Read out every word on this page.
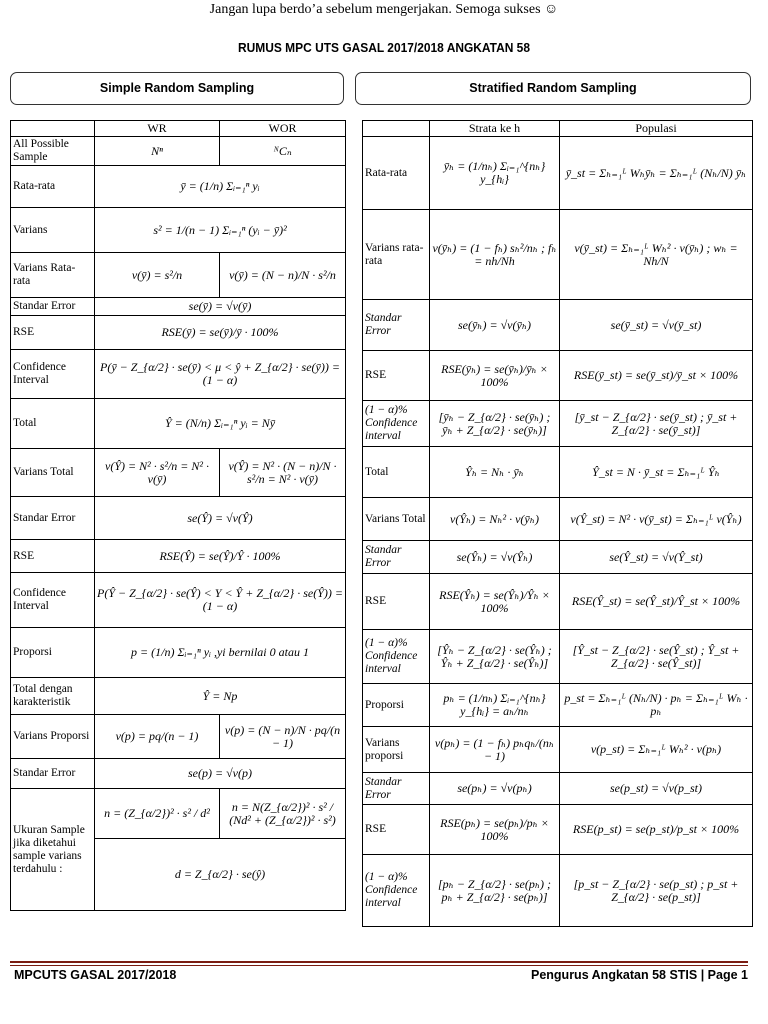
Jangan lupa berdo’a sebelum mengerjakan. Semoga sukses ☺
RUMUS MPC UTS GASAL 2017/2018 ANGKATAN 58
Simple Random Sampling	Stratified Random Sampling
	WR	WOR
All Possible Sample	Nⁿ	ᴺCₙ
Rata-rata	ȳ = (1/n) Σᵢ₌₁ⁿ yᵢ	
Varians	s² = 1/(n − 1) Σᵢ₌₁ⁿ (yᵢ − ȳ)²	
Varians Rata-rata	v(ȳ) = s²/n	v(ȳ) = (N − n)/N · s²/n
Standar Error	se(ȳ) = √v(ȳ)	
RSE	RSE(ȳ) = se(ȳ)/ȳ · 100%	
Confidence Interval	P(ȳ − Z_{α/2} · se(ȳ) < μ < ŷ + Z_{α/2} · se(ȳ)) = (1 − α)	
Total	Ŷ = (N/n) Σᵢ₌₁ⁿ yᵢ = Nȳ	
Varians Total	v(Ŷ) = N² · s²/n = N² · v(ȳ)	v(Ŷ) = N² · (N − n)/N · s²/n = N² · v(ȳ)
Standar Error	se(Ŷ) = √v(Ŷ)	
RSE	RSE(Ŷ) = se(Ŷ)/Ŷ · 100%	
Confidence Interval	P(Ŷ − Z_{α/2} · se(Ŷ) < Y < Ŷ + Z_{α/2} · se(Ŷ)) = (1 − α)	
Proporsi	p = (1/n) Σᵢ₌₁ⁿ yᵢ ,yi bernilai 0 atau 1	
Total dengan karakteristik	Ŷ = Np	
Varians Proporsi	v(p) = pq/(n − 1)	v(p) = (N − n)/N · pq/(n − 1)
Standar Error	se(p) = √v(p)	
Ukuran Sample jika diketahui sample varians terdahulu :	n = (Z_{α/2})² · s² / d²	n = N(Z_{α/2})² · s² / (Nd² + (Z_{α/2})² · s²)
	d = Z_{α/2} · se(ŷ)	
	Strata ke h	Populasi
Rata-rata	ȳₕ = (1/nₕ) Σᵢ₌₁^{nₕ} y_{hᵢ}	ȳ_st = Σₕ₌₁ᴸ Wₕȳₕ = Σₕ₌₁ᴸ (Nₕ/N) ȳₕ
Varians rata-rata	v(ȳₕ) = (1 − fₕ) sₕ²/nₕ ; fₕ = nh/Nh	v(ȳ_st) = Σₕ₌₁ᴸ Wₕ² · v(ȳₕ) ; wₕ = Nh/N
Standar Error	se(ȳₕ) = √v(ȳₕ)	se(ȳ_st) = √v(ȳ_st)
RSE	RSE(ȳₕ) = se(ȳₕ)/ȳₕ × 100%	RSE(ȳ_st) = se(ȳ_st)/ȳ_st × 100%
(1 − α)% Confidence interval	[ȳₕ − Z_{α/2} · se(ȳₕ) ; ȳₕ + Z_{α/2} · se(ȳₕ)]	[ȳ_st − Z_{α/2} · se(ȳ_st) ; ȳ_st + Z_{α/2} · se(ȳ_st)]
Total	Ŷₕ = Nₕ · ȳₕ	Ŷ_st = N · ȳ_st = Σₕ₌₁ᴸ Ŷₕ
Varians Total	v(Ŷₕ) = Nₕ² · v(ȳₕ)	v(Ŷ_st) = N² · v(ȳ_st) = Σₕ₌₁ᴸ v(Ŷₕ)
Standar Error	se(Ŷₕ) = √v(Ŷₕ)	se(Ŷ_st) = √v(Ŷ_st)
RSE	RSE(Ŷₕ) = se(Ŷₕ)/Ŷₕ × 100%	RSE(Ŷ_st) = se(Ŷ_st)/Ŷ_st × 100%
(1 − α)% Confidence interval	[Ŷₕ − Z_{α/2} · se(Ŷₕ) ; Ŷₕ + Z_{α/2} · se(Ŷₕ)]	[Ŷ_st − Z_{α/2} · se(Ŷ_st) ; Ŷ_st + Z_{α/2} · se(Ŷ_st)]
Proporsi	pₕ = (1/nₕ) Σᵢ₌₁^{nₕ} y_{hᵢ} = aₕ/nₕ	p_st = Σₕ₌₁ᴸ (Nₕ/N) · pₕ = Σₕ₌₁ᴸ Wₕ · pₕ
Varians proporsi	v(pₕ) = (1 − fₕ) pₕqₕ/(nₕ − 1)	v(p_st) = Σₕ₌₁ᴸ Wₕ² · v(pₕ)
Standar Error	se(pₕ) = √v(pₕ)	se(p_st) = √v(p_st)
RSE	RSE(pₕ) = se(pₕ)/pₕ × 100%	RSE(p_st) = se(p_st)/p_st × 100%
(1 − α)% Confidence interval	[pₕ − Z_{α/2} · se(pₕ) ; pₕ + Z_{α/2} · se(pₕ)]	[p_st − Z_{α/2} · se(p_st) ; p_st + Z_{α/2} · se(p_st)]
MPCUTS GASAL 2017/2018	Pengurus Angkatan 58 STIS | Page 1
